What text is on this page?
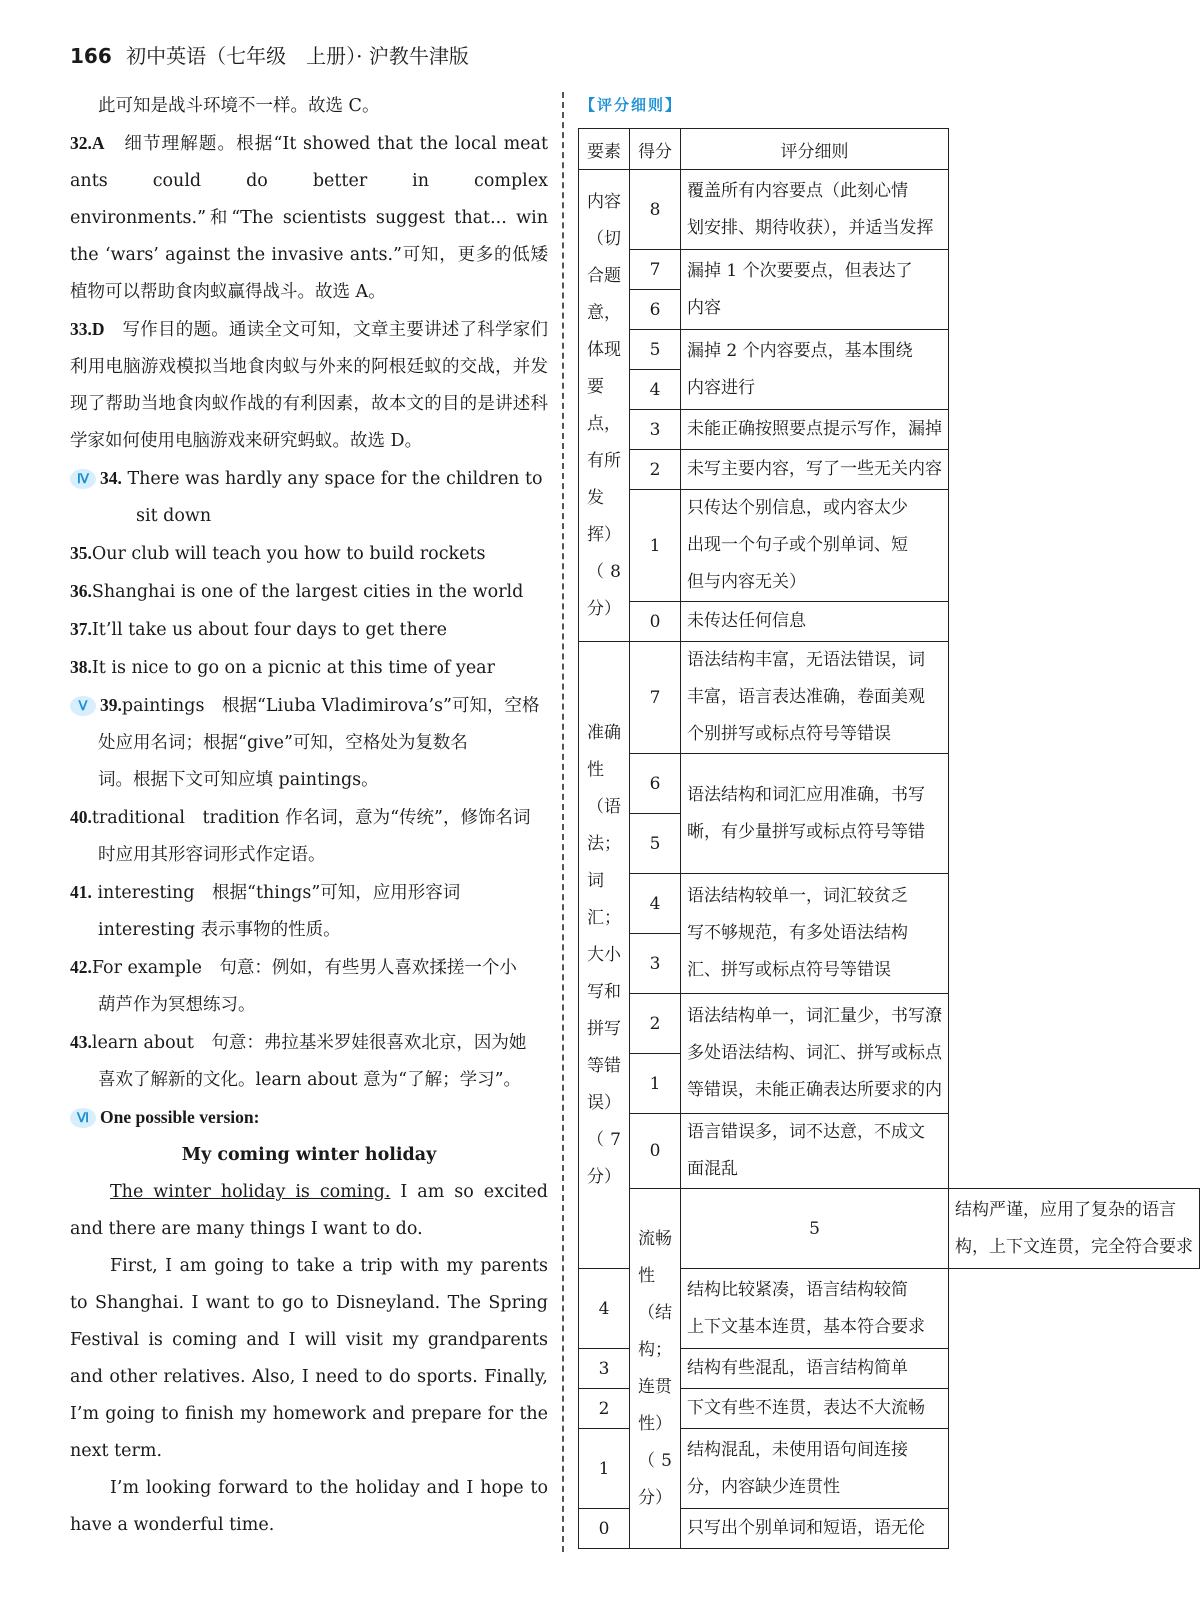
166 初中英语（七年级　上册）· 沪教牛津版

此可知是战斗环境不一样。故选 C。

32.A　 细节理解题。根据“It showed that the local meat ants could do better in complex environments.”和“The scientists suggest that... win the ‘wars’ against the invasive ants.”可知，更多的低矮植物可以帮助食肉蚁赢得战斗。故选 A。

33.D　 写作目的题。通读全文可知，文章主要讲述了科学家们利用电脑游戏模拟当地食肉蚁与外来的阿根廷蚁的交战，并发现了帮助当地食肉蚁作战的有利因素，故本文的目的是讲述科学家如何使用电脑游戏来研究蚂蚁。故选 D。

Ⅳ 34. There was hardly any space for the children to

sit down

35.Our club will teach you how to build rockets

36.Shanghai is one of the largest cities in the world

37.It’ll take us about four days to get there

38.It is nice to go on a picnic at this time of year

Ⅴ 39.paintings　根据“Liuba Vladimirova’s”可知，空格

处应用名词；根据“give”可知，空格处为复数名

词。根据下文可知应填 paintings。

40.traditional　tradition 作名词，意为“传统”，修饰名词

时应用其形容词形式作定语。

41. interesting　根据“things”可知，应用形容词

interesting 表示事物的性质。

42.For example　句意：例如，有些男人喜欢揉搓一个小

葫芦作为冥想练习。

43.learn about　句意：弗拉基米罗娃很喜欢北京，因为她

喜欢了解新的文化。learn about 意为“了解；学习”。

Ⅵ One possible version:

My coming winter holiday

The winter holiday is coming. I am so excited and there are many things I want to do.

First, I am going to take a trip with my parents to Shanghai. I want to go to Disneyland. The Spring Festival is coming and I will visit my grandparents and other relatives. Also, I need to do sports. Finally, I’m going to finish my homework and prepare for the next term.

I’m looking forward to the holiday and I hope to have a wonderful time.

【评分细则】
要素	得分	评分细则	
内容（切合题意，体现要点，有所发挥）（8分）	8	覆盖所有内容要点（此刻心情
划安排、期待收获），并适当发挥	

	7	漏掉 1 个次要要点，但表达了
内容	

	6		
	5	漏掉 2 个内容要点，基本围绕
内容进行	

	4		
	3	未能正确按照要点提示写作，漏掉	
	2	未写主要内容，写了一些无关内容	
	1	只传达个别信息，或内容太少
出现一个句子或个别单词、短
但与内容无关）	

	0	未传达任何信息	
准确性（语法；词汇；大小写和拼写等错误）（7分）	7	语法结构丰富，无语法错误，词
丰富，语言表达准确，卷面美观
个别拼写或标点符号等错误	

	6	语法结构和词汇应用准确，书写
晰，有少量拼写或标点符号等错	

	5		
	4	语法结构较单一，词汇较贫乏
写不够规范，有多处语法结构
汇、拼写或标点符号等错误	

	3		
	2	语法结构单一，词汇量少，书写潦
多处语法结构、词汇、拼写或标点
等错误，未能正确表达所要求的内	

	1		
	0	语言错误多，词不达意，不成文
面混乱	

	流畅性（结构；连贯性）（5分）	5	结构严谨，应用了复杂的语言
构，上下文连贯，完全符合要求

4		结构比较紧凑，语言结构较简
上下文基本连贯，基本符合要求	

3		结构有些混乱，语言结构简单	
2		下文有些不连贯，表达不大流畅	
1		结构混乱，未使用语句间连接
分，内容缺少连贯性	

0		只写出个别单词和短语，语无伦	
